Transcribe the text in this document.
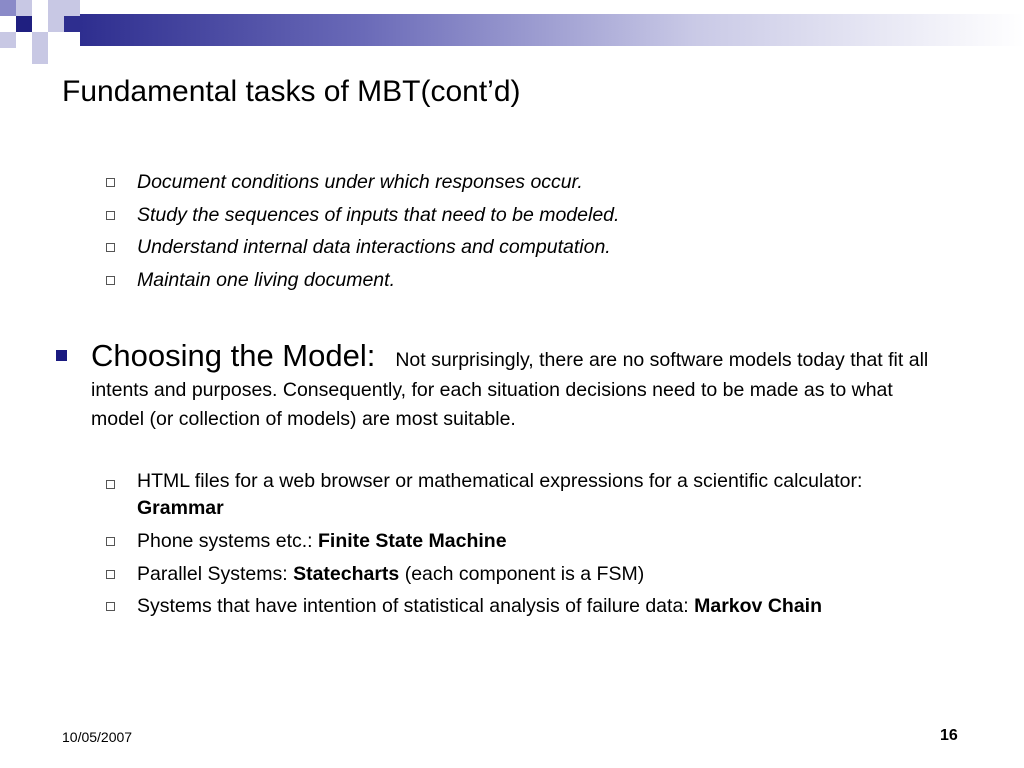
Fundamental tasks of MBT(cont’d)
Document conditions under which responses occur.
Study the sequences of inputs that need to be modeled.
Understand internal data interactions and computation.
Maintain one living document.
Choosing the Model: Not surprisingly, there are no software models today that fit all intents and purposes. Consequently, for each situation decisions need to be made as to what model (or collection of models) are most suitable.
HTML files for a web browser or mathematical expressions for a scientific calculator: Grammar
Phone systems etc.: Finite State Machine
Parallel Systems: Statecharts (each component is a FSM)
Systems that have intention of statistical analysis of failure data: Markov Chain
10/05/2007	16
